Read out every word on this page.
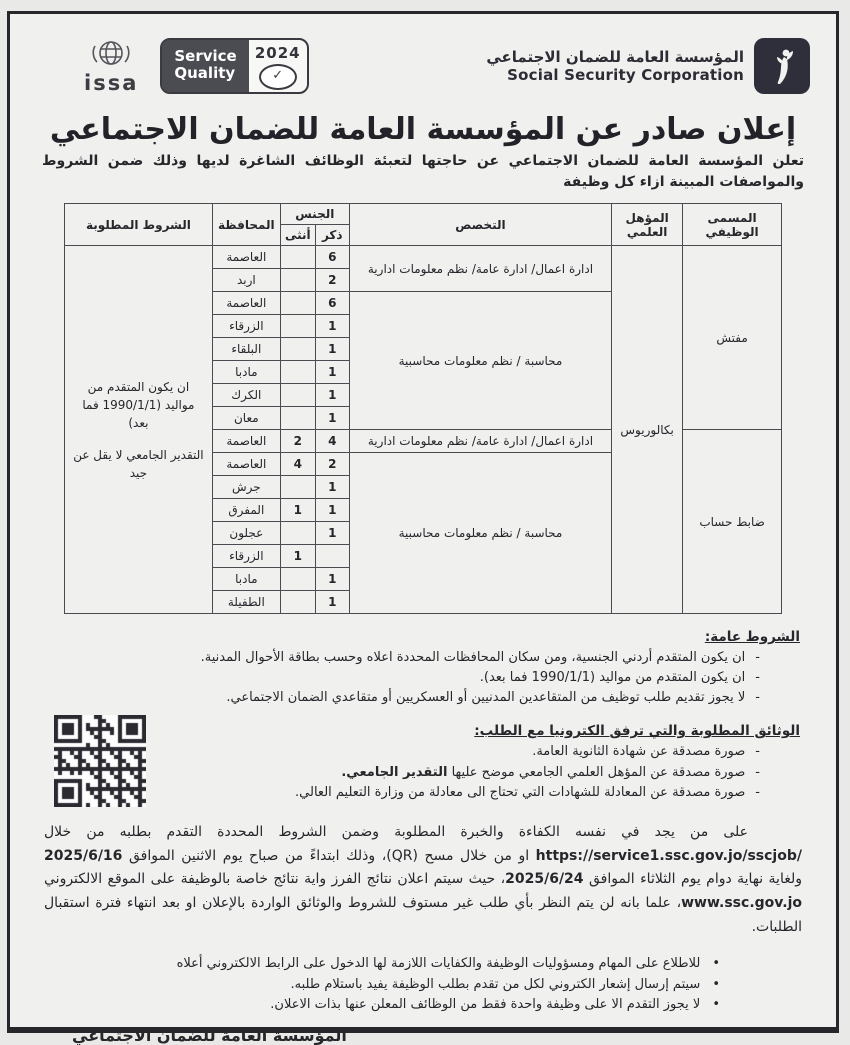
issa
Service
Quality
2024
✓
المؤسسة العامة للضمان الاجتماعي
Social Security Corporation
إعلان صادر عن المؤسسة العامة للضمان الاجتماعي

تعلن المؤسسة العامة للضمان الاجتماعي عن حاجتها لتعبئة الوظائف الشاغرة لديها وذلك ضمن الشروط والمواصفات المبينة ازاء كل وظيفة

المسمى الوظيفي	المؤهل العلمي	التخصص	الجنس		المحافظة	الشروط المطلوبة
			ذكر	أنثى		
مفتش	بكالوريوس	ادارة اعمال/ ادارة عامة/ نظم معلومات ادارية	6		العاصمة	ان يكون المتقدم من مواليد (1990/1/1 فما بعد)
التقدير الجامعي لا يقل عن جيد

			2		اربد	
		محاسبة / نظم معلومات محاسبية	6		العاصمة	
			1		الزرقاء	
			1		البلقاء	
			1		مادبا	
			1		الكرك	
			1		معان	
ضابط حساب		ادارة اعمال/ ادارة عامة/ نظم معلومات ادارية	4	2	العاصمة	
		محاسبة / نظم معلومات محاسبية	2	4	العاصمة	
			1		جرش	
			1	1	المفرق	
			1		عجلون	
				1	الزرقاء	
			1		مادبا	
			1		الطفيلة	
الشروط عامة:
- ان يكون المتقدم أردني الجنسية، ومن سكان المحافظات المحددة اعلاه وحسب بطاقة الأحوال المدنية.
- ان يكون المتقدم من مواليد (1990/1/1 فما بعد).
- لا يجوز تقديم طلب توظيف من المتقاعدين المدنيين أو العسكريين أو متقاعدي الضمان الاجتماعي.
الوثائق المطلوبة والتي ترفق الكترونيا مع الطلب:
- صورة مصدقة عن شهادة الثانوية العامة.
- صورة مصدقة عن المؤهل العلمي الجامعي موضح عليها التقدير الجامعي.
- صورة مصدقة عن المعادلة للشهادات التي تحتاج الى معادلة من وزارة التعليم العالي.

على من يجد في نفسه الكفاءة والخبرة المطلوبة وضمن الشروط المحددة التقدم بطلبه من خلال https://service1.ssc.gov.jo/sscjob/ او من خلال مسح (QR)، وذلك ابتداءً من صباح يوم الاثنين الموافق 2025/6/16 ولغاية نهاية دوام يوم الثلاثاء الموافق 2025/6/24، حيث سيتم اعلان نتائج الفرز واية نتائج خاصة بالوظيفة على الموقع الالكتروني www.ssc.gov.jo، علما بانه لن يتم النظر بأي طلب غير مستوف للشروط والوثائق الواردة بالإعلان او بعد انتهاء فترة استقبال الطلبات.

• للاطلاع على المهام ومسؤوليات الوظيفة والكفايات اللازمة لها الدخول على الرابط الالكتروني أعلاه
• سيتم إرسال إشعار الكتروني لكل من تقدم بطلب الوظيفة يفيد باستلام طلبه.
• لا يجوز التقدم الا على وظيفة واحدة فقط من الوظائف المعلن عنها بذات الاعلان.
المؤسسة العامة للضمان الاجتماعي
